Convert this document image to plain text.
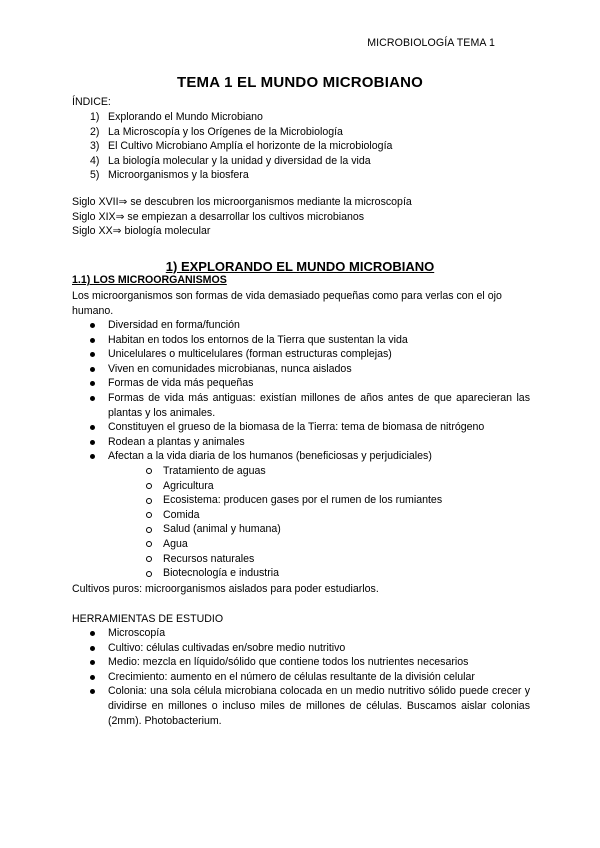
MICROBIOLOGÍA TEMA 1
TEMA 1 EL MUNDO MICROBIANO
ÍNDICE:
1) Explorando el Mundo Microbiano
2) La Microscopía y los Orígenes de la Microbiología
3) El Cultivo Microbiano Amplía el horizonte de la microbiología
4) La biología molecular y la unidad y diversidad de la vida
5) Microorganismos y la biosfera
Siglo XVII⇒ se descubren los microorganismos mediante la microscopía
Siglo XIX⇒ se empiezan a desarrollar los cultivos microbianos
Siglo XX⇒ biología molecular
1) EXPLORANDO EL MUNDO MICROBIANO
1.1) LOS MICROORGANISMOS
Los microorganismos son formas de vida demasiado pequeñas como para verlas con el ojo humano.
Diversidad en forma/función
Habitan en todos los entornos de la Tierra que sustentan la vida
Unicelulares o multicelulares (forman estructuras complejas)
Viven en comunidades microbianas, nunca aislados
Formas de vida más pequeñas
Formas de vida más antiguas: existían millones de años antes de que aparecieran las plantas y los animales.
Constituyen el grueso de la biomasa de la Tierra: tema de biomasa de nitrógeno
Rodean a plantas y animales
Afectan a la vida diaria de los humanos (beneficiosas y perjudiciales)
Tratamiento de aguas
Agricultura
Ecosistema: producen gases por el rumen de los rumiantes
Comida
Salud (animal y humana)
Agua
Recursos naturales
Biotecnología e industria
Cultivos puros: microorganismos aislados para poder estudiarlos.
HERRAMIENTAS DE ESTUDIO
Microscopía
Cultivo: células cultivadas en/sobre medio nutritivo
Medio: mezcla en líquido/sólido que contiene todos los nutrientes necesarios
Crecimiento: aumento en el número de células resultante de la división celular
Colonia: una sola célula microbiana colocada en un medio nutritivo sólido puede crecer y dividirse en millones o incluso miles de millones de células. Buscamos aislar colonias (2mm). Photobacterium.
